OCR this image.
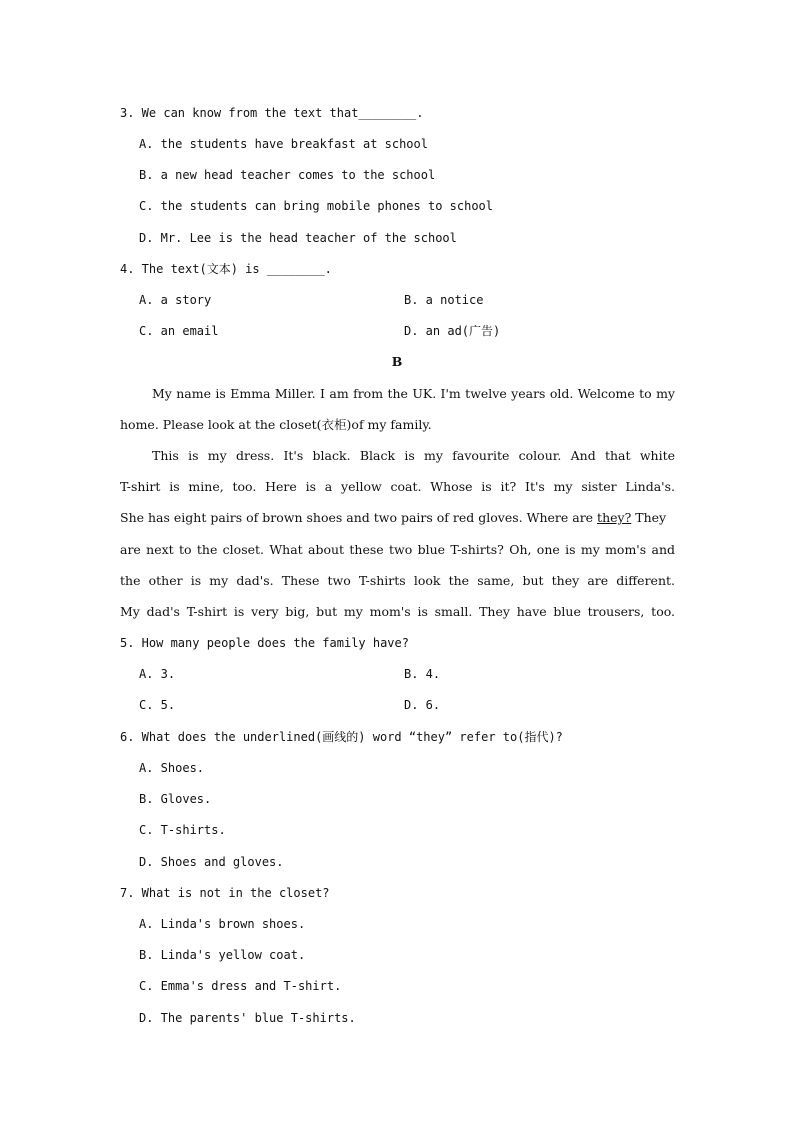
3. We can know from the text that________.
A. the students have breakfast at school
B. a new head teacher comes to the school
C. the students can bring mobile phones to school
D. Mr. Lee is the head teacher of the school
4. The text(文本) is ________.
A. a story	B. a notice
C. an email	D. an ad(广告)
B
My name is Emma Miller. I am from the UK. I'm twelve years old. Welcome to my
home. Please look at the closet(衣柜)of my family.
This is my dress. It's black. Black is my favourite colour. And that white
T-shirt is mine, too. Here is a yellow coat. Whose is it? It's my sister Linda's.
She has eight pairs of brown shoes and two pairs of red gloves. Where are they? They
are next to the closet. What about these two blue T-shirts? Oh, one is my mom's and
the other is my dad's. These two T-shirts look the same, but they are different.
My dad's T-shirt is very big, but my mom's is small. They have blue trousers, too.
5. How many people does the family have?
A. 3.	B. 4.
C. 5.	D. 6.
6. What does the underlined(画线的) word “they” refer to(指代)?
A. Shoes.
B. Gloves.
C. T-shirts.
D. Shoes and gloves.
7. What is not in the closet?
A. Linda's brown shoes.
B. Linda's yellow coat.
C. Emma's dress and T-shirt.
D. The parents' blue T-shirts.
